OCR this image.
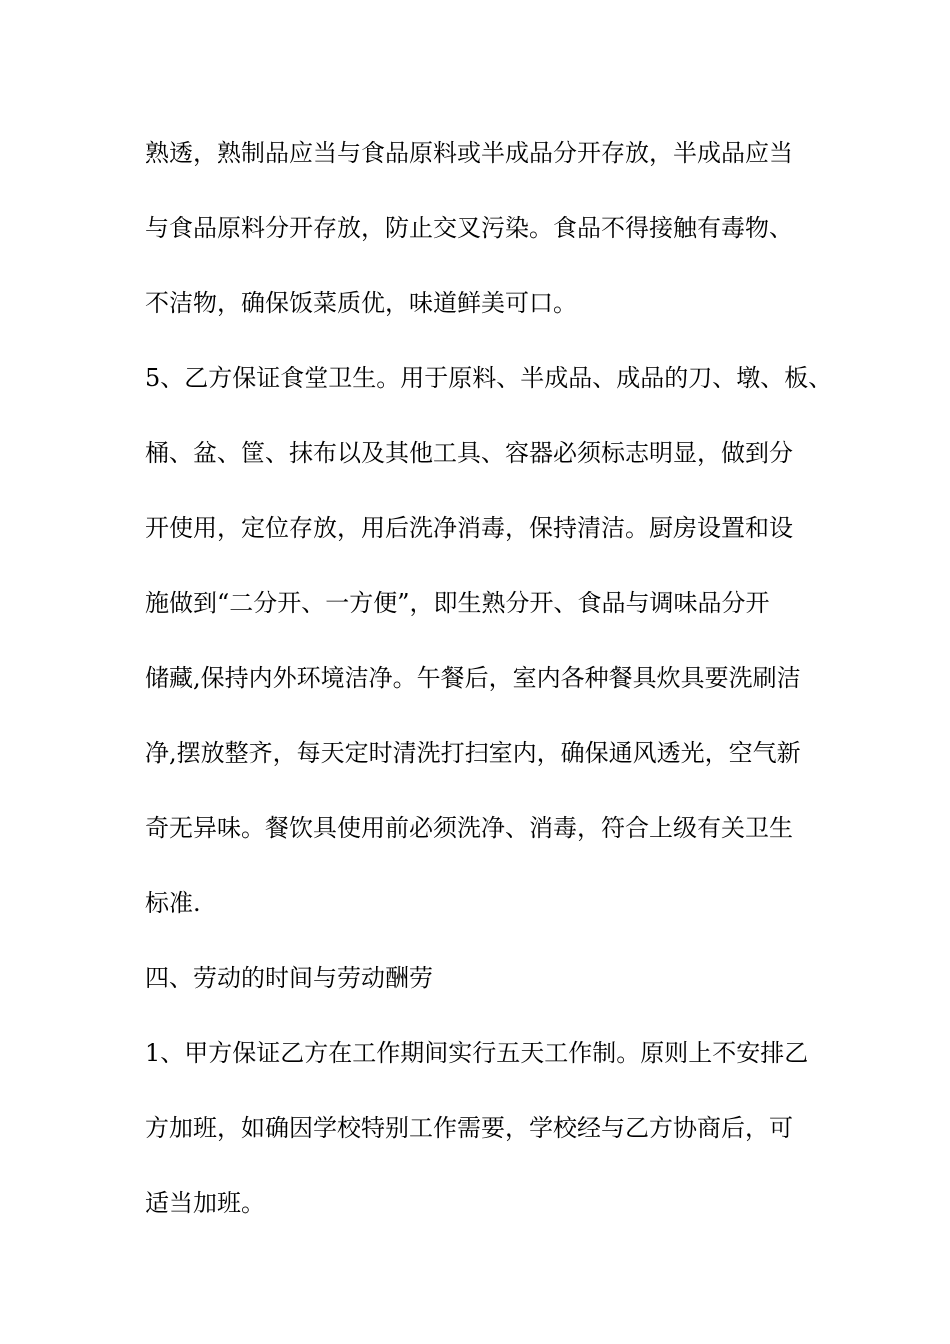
熟透，熟制品应当与食品原料或半成品分开存放，半成品应当
与食品原料分开存放，防止交叉污染。食品不得接触有毒物、
不洁物，确保饭菜质优，味道鲜美可口。
5、乙方保证食堂卫生。用于原料、半成品、成品的刀、墩、板、
桶、盆、筐、抹布以及其他工具、容器必须标志明显，做到分
开使用，定位存放，用后洗净消毒，保持清洁。厨房设置和设
施做到“二分开、一方便”，即生熟分开、食品与调味品分开
储藏,保持内外环境洁净。午餐后，室内各种餐具炊具要洗刷洁
净,摆放整齐，每天定时清洗打扫室内，确保通风透光，空气新
奇无异味。餐饮具使用前必须洗净、消毒，符合上级有关卫生
标准.
四、劳动的时间与劳动酬劳
1、甲方保证乙方在工作期间实行五天工作制。原则上不安排乙
方加班，如确因学校特别工作需要，学校经与乙方协商后，可
适当加班。
